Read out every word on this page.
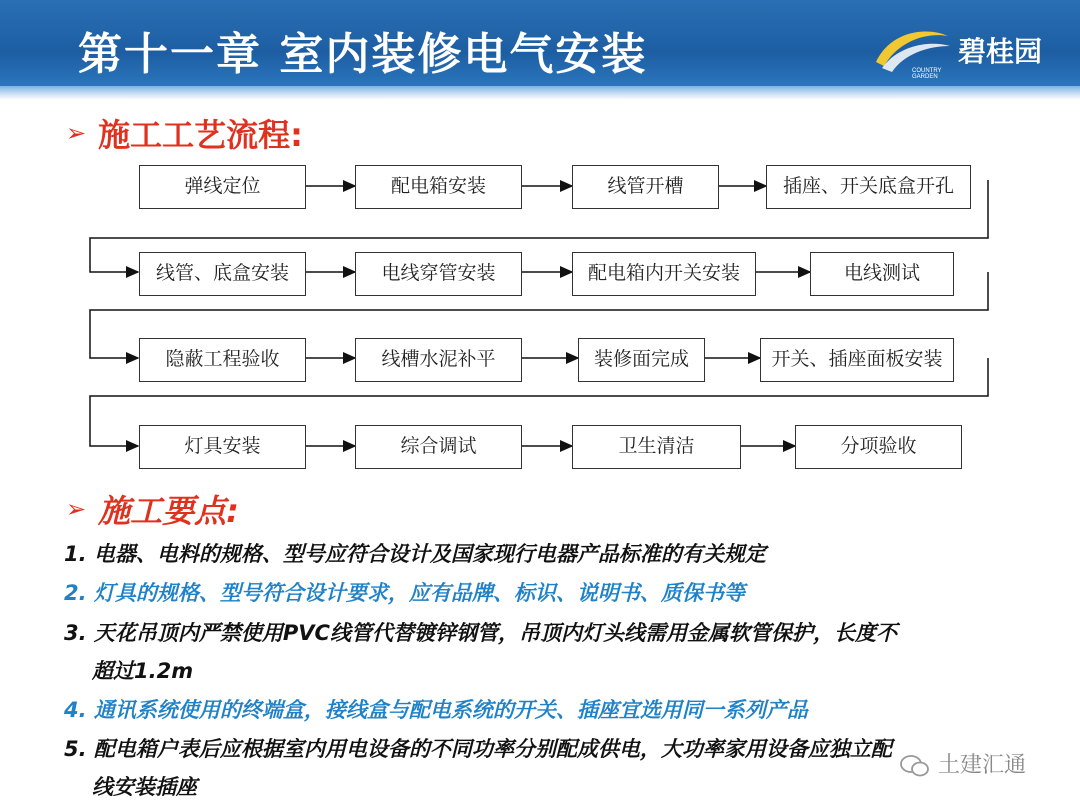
第十一章 室内装修电气安装	COUNTRY
GARDEN
碧桂园
➢ 施工工艺流程:
弹线定位	配电箱安装	线管开槽	插座、开关底盒开孔
线管、底盒安装	电线穿管安装	配电箱内开关安装	电线测试
隐蔽工程验收	线槽水泥补平	装修面完成	开关、插座面板安装
灯具安装	综合调试	卫生清洁	分项验收
➢ 施工要点:
1. 电器、电料的规格、型号应符合设计及国家现行电器产品标准的有关规定
2. 灯具的规格、型号符合设计要求，应有品牌、标识、说明书、质保书等
3. 天花吊顶内严禁使用PVC线管代替镀锌钢管，吊顶内灯头线需用金属软管保护，长度不
超过1.2m
4. 通讯系统使用的终端盒，接线盒与配电系统的开关、插座宜选用同一系列产品
5. 配电箱户表后应根据室内用电设备的不同功率分别配成供电，大功率家用设备应独立配
线安装插座
土建汇通
